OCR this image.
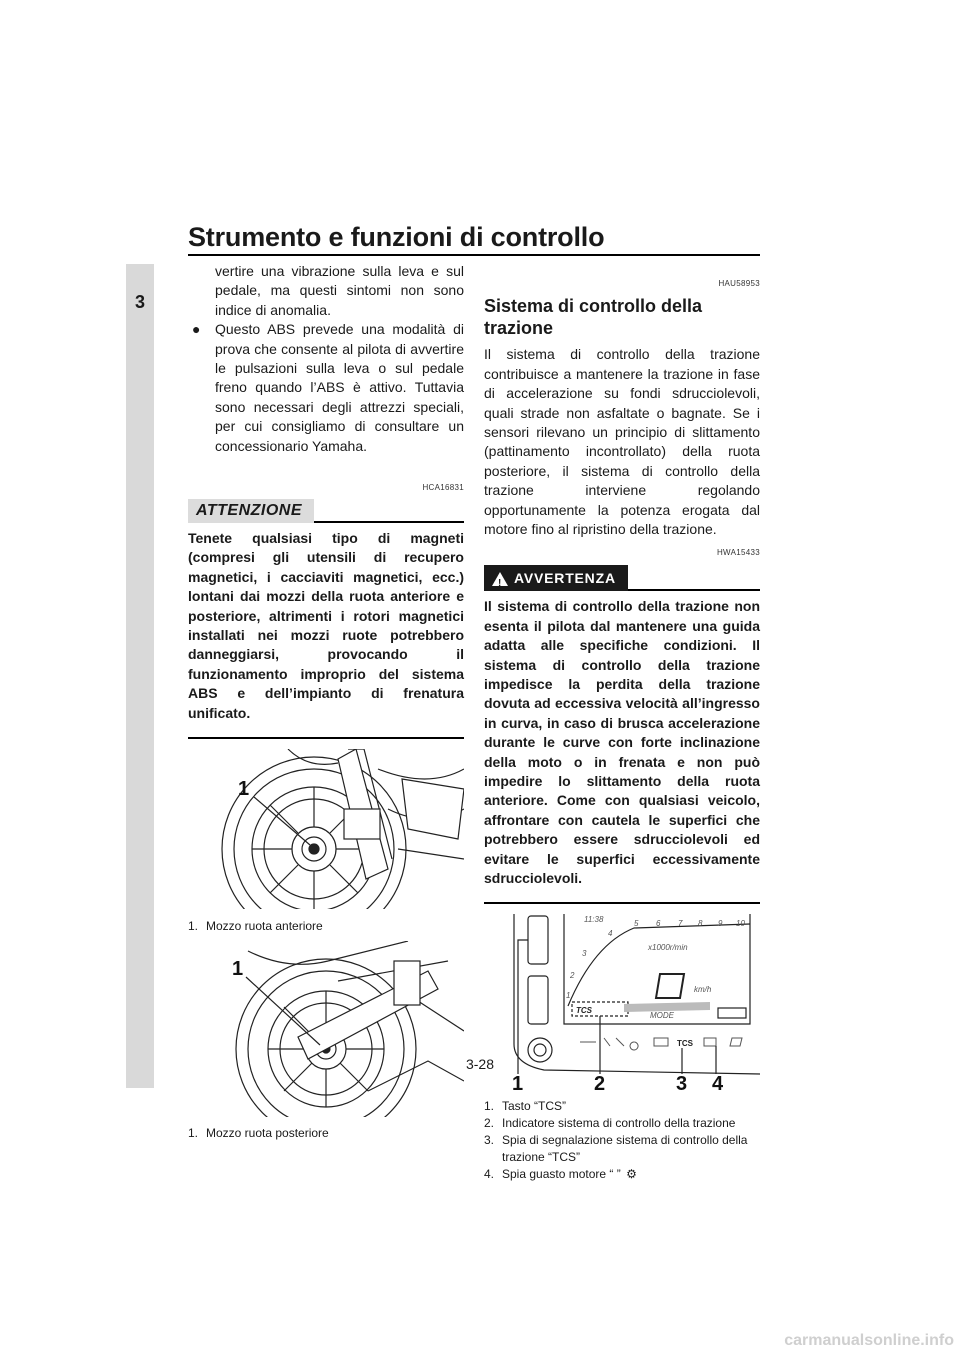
Strumento e funzioni di controllo
3

vertire una vibrazione sulla leva e sul pedale, ma questi sintomi non sono indice di anomalia.

● Questo ABS prevede una modalità di prova che consente al pilota di avvertire le pulsazioni sulla leva o sul pedale freno quando l’ABS è attivo. Tuttavia sono necessari degli attrezzi speciali, per cui consigliamo di consultare un concessionario Yamaha.
HCA16831
ATTENZIONE
Tenete qualsiasi tipo di magneti (compresi gli utensili di recupero magnetici, i cacciaviti magnetici, ecc.) lontani dai mozzi della ruota anteriore e posteriore, altrimenti i rotori magnetici installati nei mozzi ruote potrebbero danneggiarsi, provocando il funzionamento improprio del sistema ABS e dell’impianto di frenatura unificato.
1
1. Mozzo ruota anteriore
1
1. Mozzo ruota posteriore
HAU58953
Sistema di controllo della trazione

Il sistema di controllo della trazione contribuisce a mantenere la trazione in fase di accelerazione su fondi sdrucciolevoli, quali strade non asfaltate o bagnate. Se i sensori rilevano un principio di slittamento (pattinamento incontrollato) della ruota posteriore, il sistema di controllo della trazione interviene regolando opportunamente la potenza erogata dal motore fino al ripristino della trazione.

HWA15433
! AVVERTENZA
Il sistema di controllo della trazione non esenta il pilota dal mantenere una guida adatta alle specifiche condizioni. Il sistema di controllo della trazione impedisce la perdita della trazione dovuta ad eccessiva velocità all’ingresso in curva, in caso di brusca accelerazione durante le curve con forte inclinazione della moto o in frenata e non può impedire lo slittamento della ruota anteriore. Come con qualsiasi veicolo, affrontare con cautela le superfici che potrebbero essere sdrucciolevoli ed evitare le superfici eccessivamente sdrucciolevoli.
11:38
x1000r/min
km/h
TCS
MODE
1
2
3
4
5 6 7 8 9 10
TCS
1	2	3 4
1. Tasto “TCS”
2. Indicatore sistema di controllo della trazione
3. Spia di segnalazione sistema di controllo della trazione “TCS”
4. Spia guasto motore “ ” ⚙
3-28
carmanualsonline.info
